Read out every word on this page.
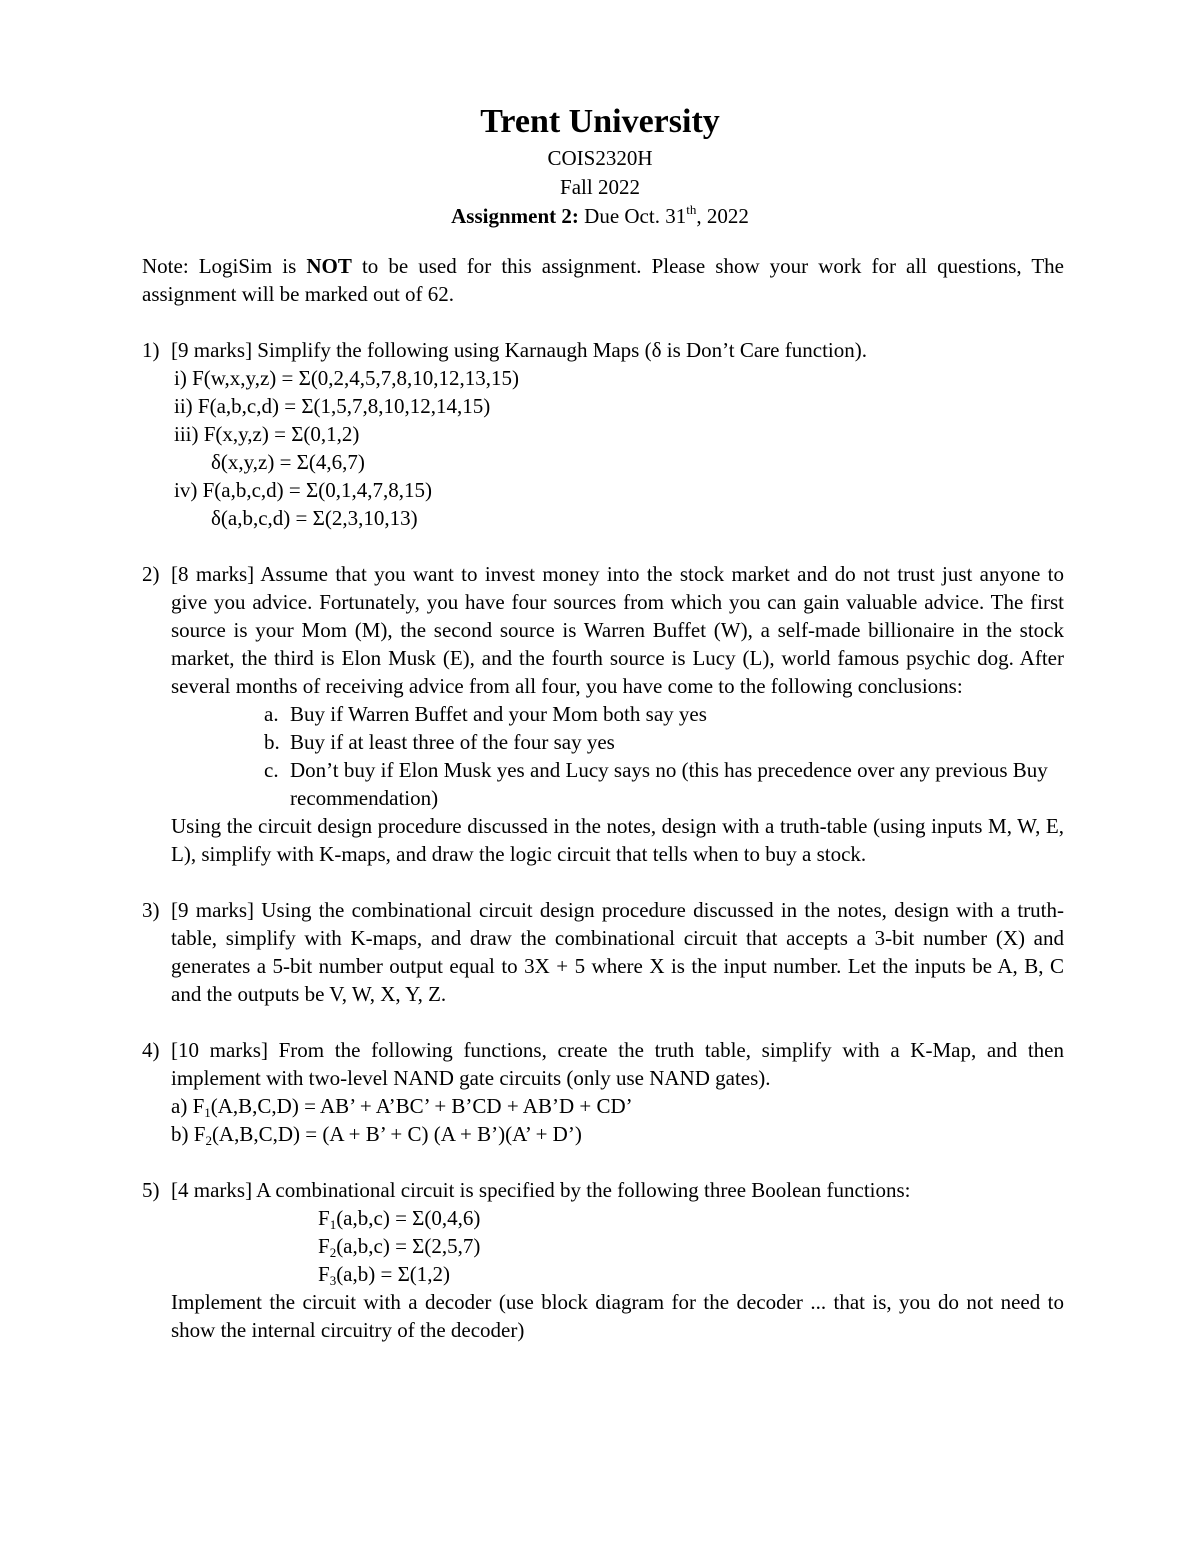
Trent University
COIS2320H
Fall 2022
Assignment 2: Due Oct. 31th, 2022

Note: LogiSim is NOT to be used for this assignment. Please show your work for all questions, The assignment will be marked out of 62.

1) [9 marks] Simplify the following using Karnaugh Maps (δ is Don’t Care function).
i) F(w,x,y,z) = Σ(0,2,4,5,7,8,10,12,13,15)
ii) F(a,b,c,d) = Σ(1,5,7,8,10,12,14,15)
iii) F(x,y,z) = Σ(0,1,2)
δ(x,y,z) = Σ(4,6,7)
iv) F(a,b,c,d) = Σ(0,1,4,7,8,15)
δ(a,b,c,d) = Σ(2,3,10,13)
2) [8 marks] Assume that you want to invest money into the stock market and do not trust just anyone to give you advice. Fortunately, you have four sources from which you can gain valuable advice. The first source is your Mom (M), the second source is Warren Buffet (W), a self-made billionaire in the stock market, the third is Elon Musk (E), and the fourth source is Lucy (L), world famous psychic dog. After several months of receiving advice from all four, you have come to the following conclusions:
a. Buy if Warren Buffet and your Mom both say yes
b. Buy if at least three of the four say yes
c. Don’t buy if Elon Musk yes and Lucy says no (this has precedence over any previous Buy recommendation)
Using the circuit design procedure discussed in the notes, design with a truth-table (using inputs M, W, E, L), simplify with K-maps, and draw the logic circuit that tells when to buy a stock.
3) [9 marks] Using the combinational circuit design procedure discussed in the notes, design with a truth-table, simplify with K-maps, and draw the combinational circuit that accepts a 3-bit number (X) and generates a 5-bit number output equal to 3X + 5 where X is the input number. Let the inputs be A, B, C and the outputs be V, W, X, Y, Z.
4) [10 marks] From the following functions, create the truth table, simplify with a K-Map, and then implement with two-level NAND gate circuits (only use NAND gates).
a) $F_1(A,B,C,D)$ = AB’ + A’BC’ + B’CD + AB’D + CD’
b) $F_2(A,B,C,D) = (A + B$’ + C) (A + B’)(A’ + D’)
5) [4 marks] A combinational circuit is specified by the following three Boolean functions:
$F_1(a,b,c) = \Sigma(0,4,6)$
$F_2(a,b,c) = \Sigma(2,5,7)$
$F_3(a,b) = \Sigma(1,2)$
Implement the circuit with a decoder (use block diagram for the decoder ... that is, you do not need to show the internal circuitry of the decoder)
